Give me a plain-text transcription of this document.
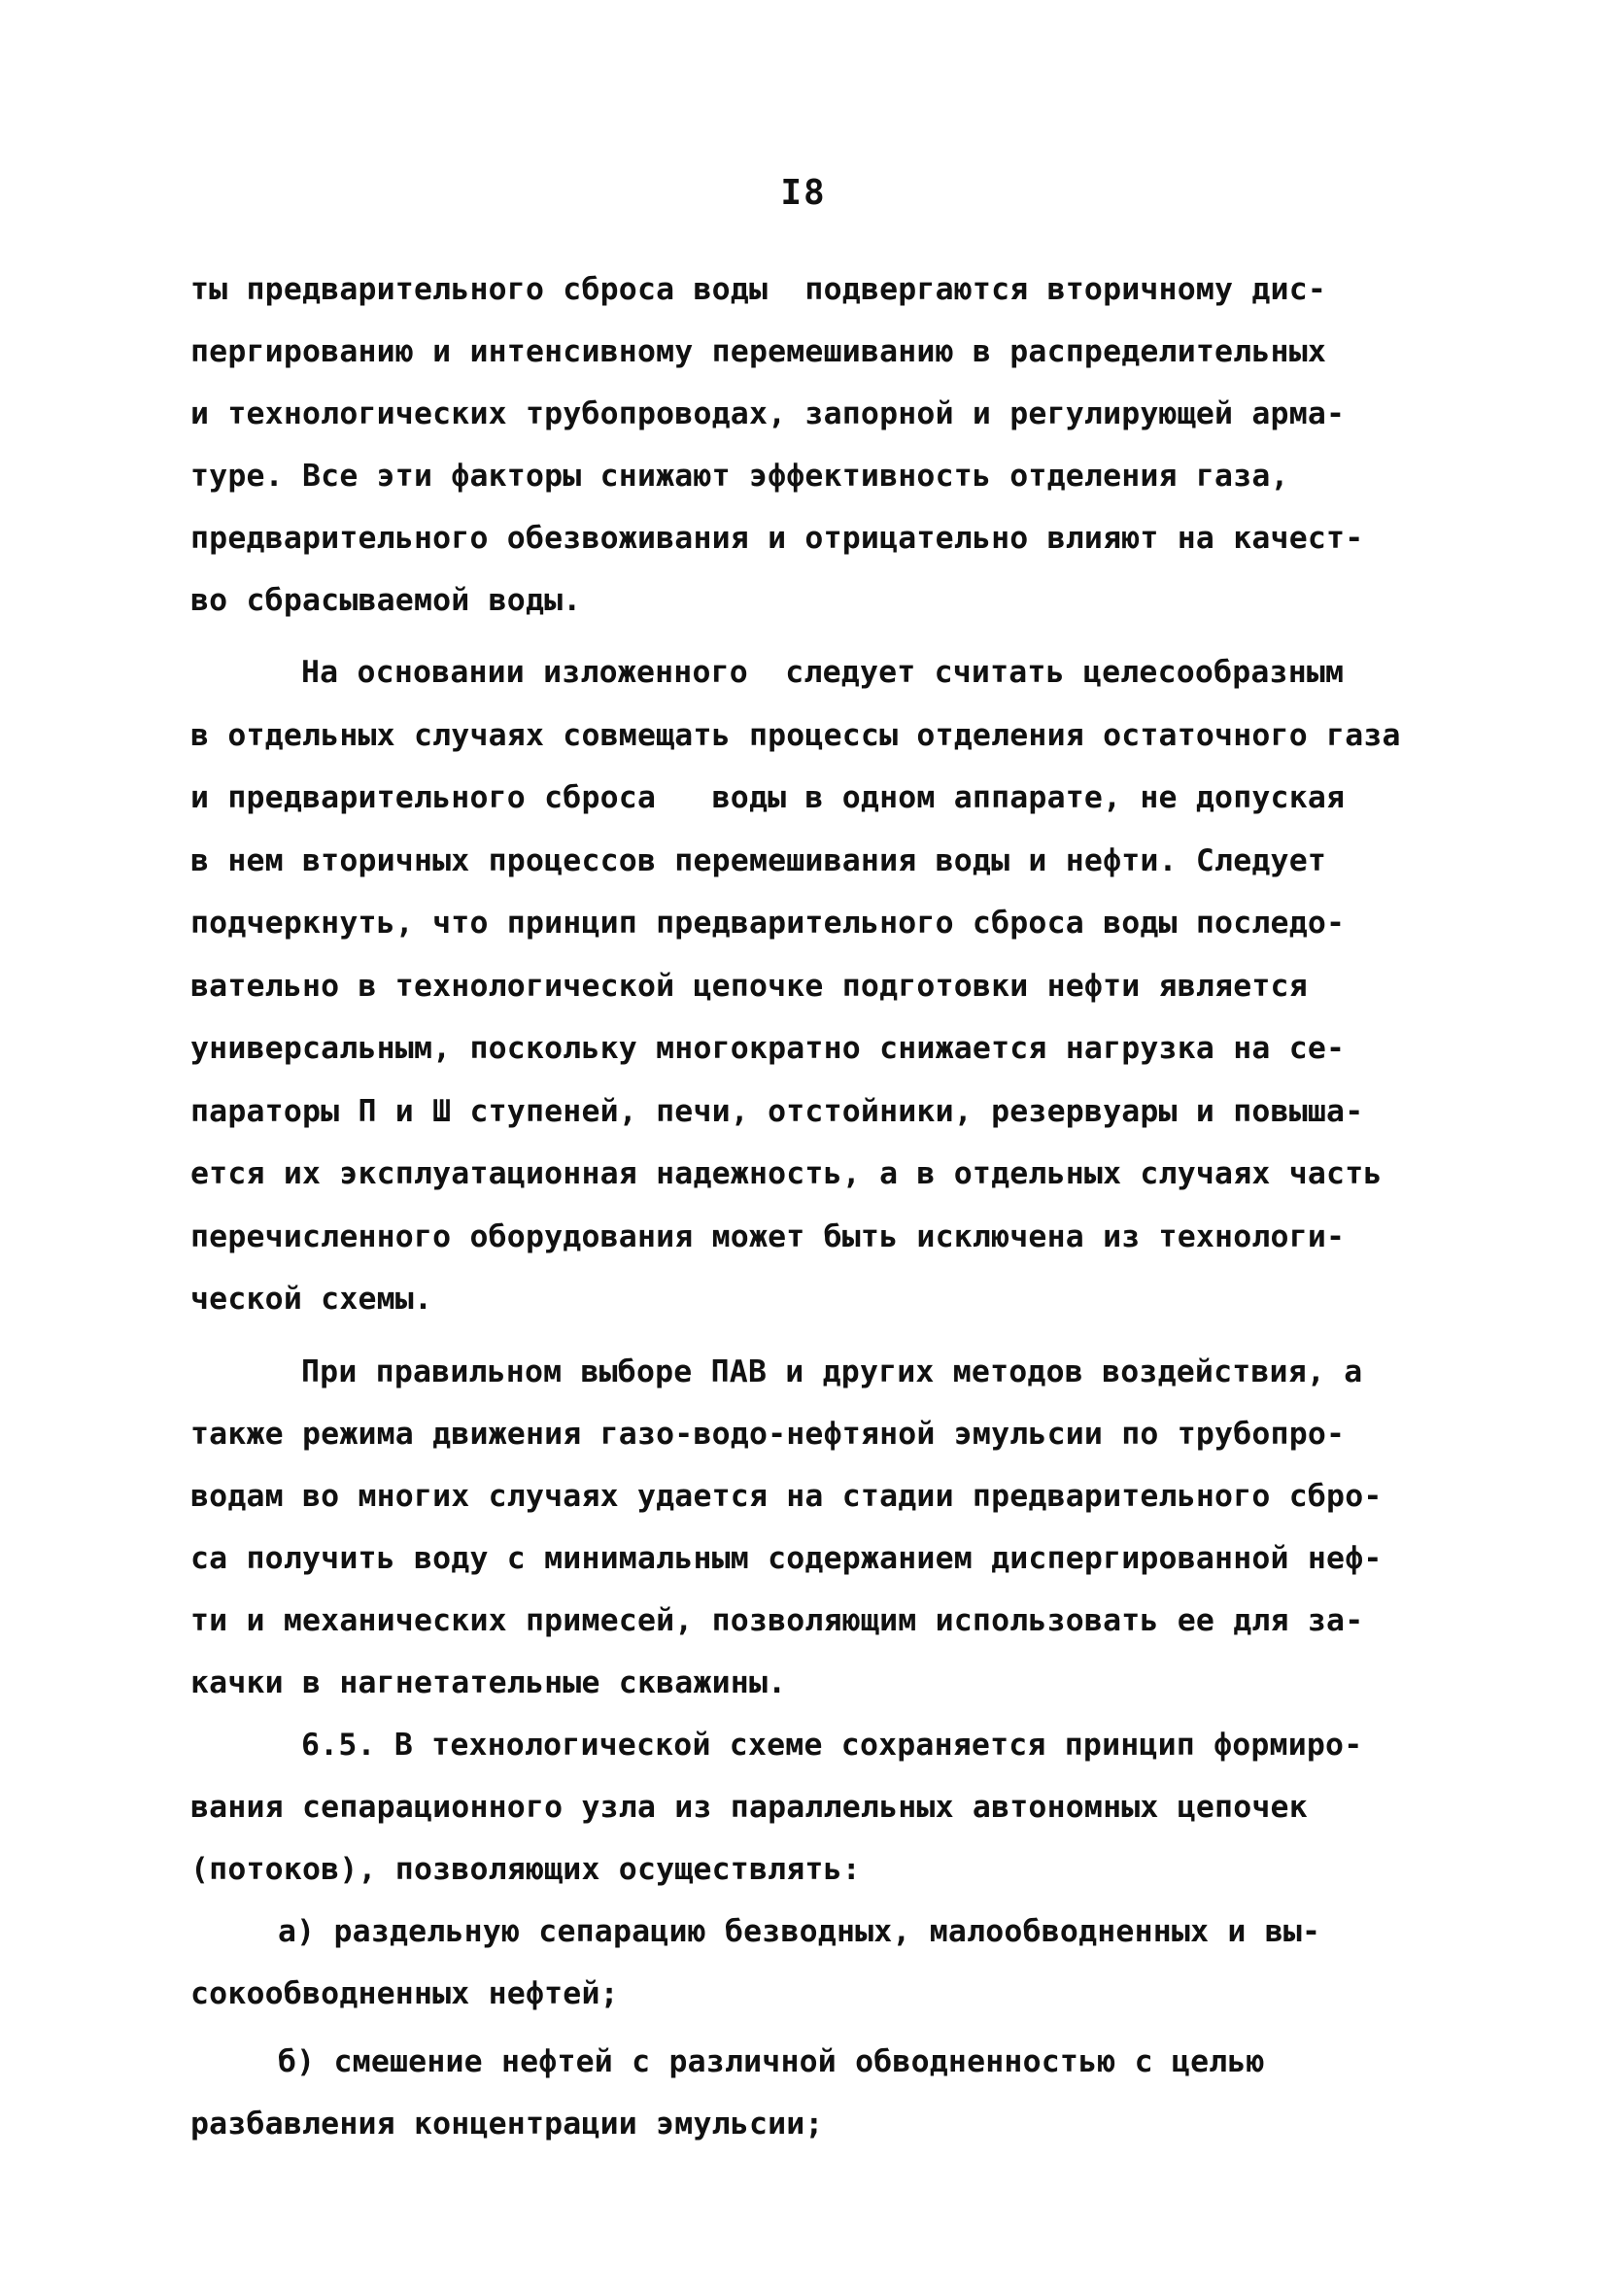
I8
ты предварительного сброса воды  подвергаются вторичному дис-
пергированию и интенсивному перемешиванию в распределительных
и технологических трубопроводах, запорной и регулирующей арма-
туре. Все эти факторы снижают эффективность отделения газа,
предварительного обезвоживания и отрицательно влияют на качест-
во сбрасываемой воды.
На основании изложенного  следует считать целесообразным
в отдельных случаях совмещать процессы отделения остаточного газа
и предварительного сброса   воды в одном аппарате, не допуская
в нем вторичных процессов перемешивания воды и нефти. Следует
подчеркнуть, что принцип предварительного сброса воды последо-
вательно в технологической цепочке подготовки нефти является
универсальным, поскольку многократно снижается нагрузка на се-
параторы П и Ш ступеней, печи, отстойники, резервуары и повыша-
ется их эксплуатационная надежность, а в отдельных случаях часть
перечисленного оборудования может быть исключена из технологи-
ческой схемы.
При правильном выборе ПАВ и других методов воздействия, а
также режима движения газо-водо-нефтяной эмульсии по трубопро-
водам во многих случаях удается на стадии предварительного сбро-
са получить воду с минимальным содержанием диспергированной неф-
ти и механических примесей, позволяющим использовать ее для за-
качки в нагнетательные скважины.
6.5. В технологической схеме сохраняется принцип формиро-
вания сепарационного узла из параллельных автономных цепочек
(потоков), позволяющих осуществлять:
а) раздельную сепарацию безводных, малообводненных и вы-
сокообводненных нефтей;
б) смешение нефтей с различной обводненностью с целью
разбавления концентрации эмульсии;
